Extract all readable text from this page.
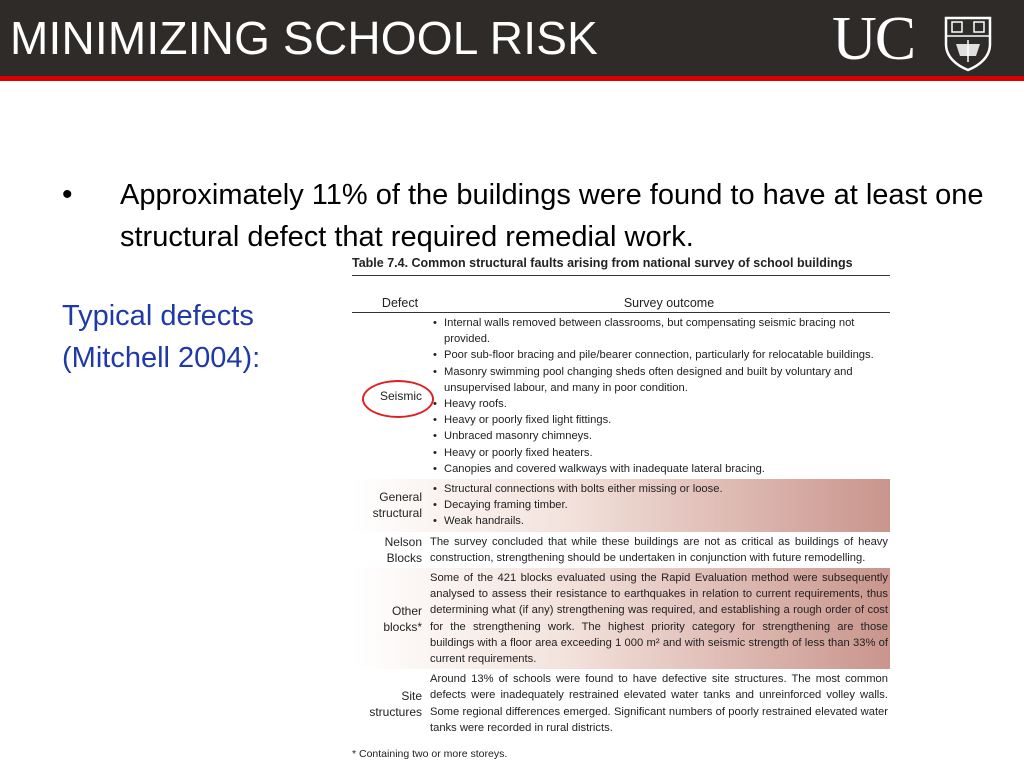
MINIMIZING SCHOOL RISK	UC
• Approximately 11% of the buildings were found to have at least one structural defect that required remedial work.
Typical defects (Mitchell 2004):
Table 7.4. Common structural faults arising from national survey of school buildings
Defect	Survey outcome
Seismic
• Internal walls removed between classrooms, but compensating seismic bracing not provided.
• Poor sub-floor bracing and pile/bearer connection, particularly for relocatable buildings.
• Masonry swimming pool changing sheds often designed and built by voluntary and unsupervised labour, and many in poor condition.
• Heavy roofs.
• Heavy or poorly fixed light fittings.
• Unbraced masonry chimneys.
• Heavy or poorly fixed heaters.
• Canopies and covered walkways with inadequate lateral bracing.
General structural
• Structural connections with bolts either missing or loose.
• Decaying framing timber.
• Weak handrails.
Nelson Blocks
The survey concluded that while these buildings are not as critical as buildings of heavy construction, strengthening should be undertaken in conjunction with future remodelling.
Other blocks*
Some of the 421 blocks evaluated using the Rapid Evaluation method were subsequently analysed to assess their resistance to earthquakes in relation to current requirements, thus determining what (if any) strengthening was required, and establishing a rough order of cost for the strengthening work. The highest priority category for strengthening are those buildings with a floor area exceeding 1 000 m² and with seismic strength of less than 33% of current requirements.
Site structures
Around 13% of schools were found to have defective site structures. The most common defects were inadequately restrained elevated water tanks and unreinforced volley walls. Some regional differences emerged. Significant numbers of poorly restrained elevated water tanks were recorded in rural districts.
* Containing two or more storeys.
